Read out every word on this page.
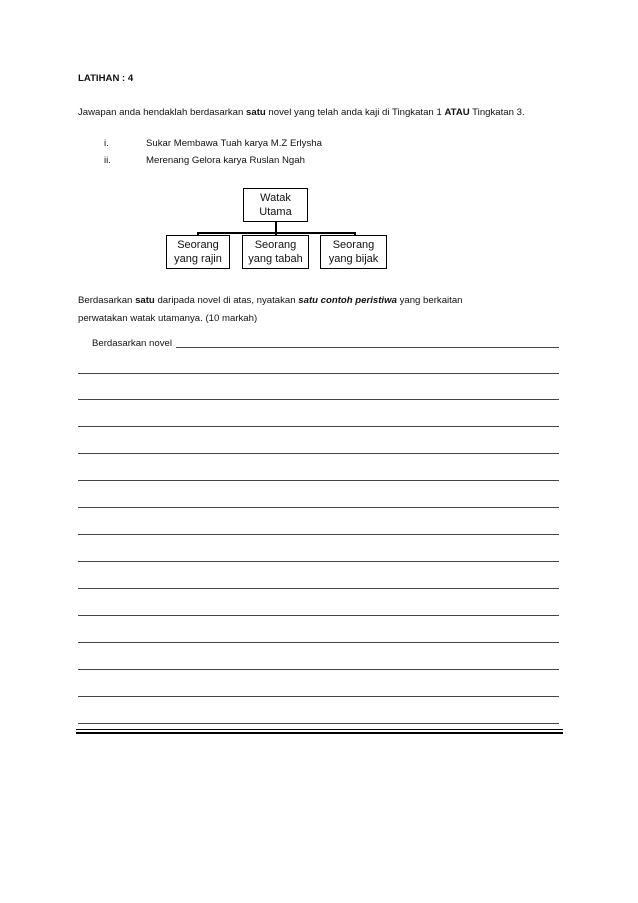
LATIHAN : 4
Jawapan anda hendaklah berdasarkan satu novel yang telah anda kaji di Tingkatan 1 ATAU Tingkatan 3.
i.	Sukar Membawa Tuah karya M.Z Erlysha
ii.	Merenang Gelora karya Ruslan Ngah
Watak
Utama
Seorang
yang rajin
Seorang
yang tabah
Seorang
yang bijak
Berdasarkan satu daripada novel di atas, nyatakan satu contoh peristiwa yang berkaitan
perwatakan watak utamanya. (10 markah)
Berdasarkan novel
